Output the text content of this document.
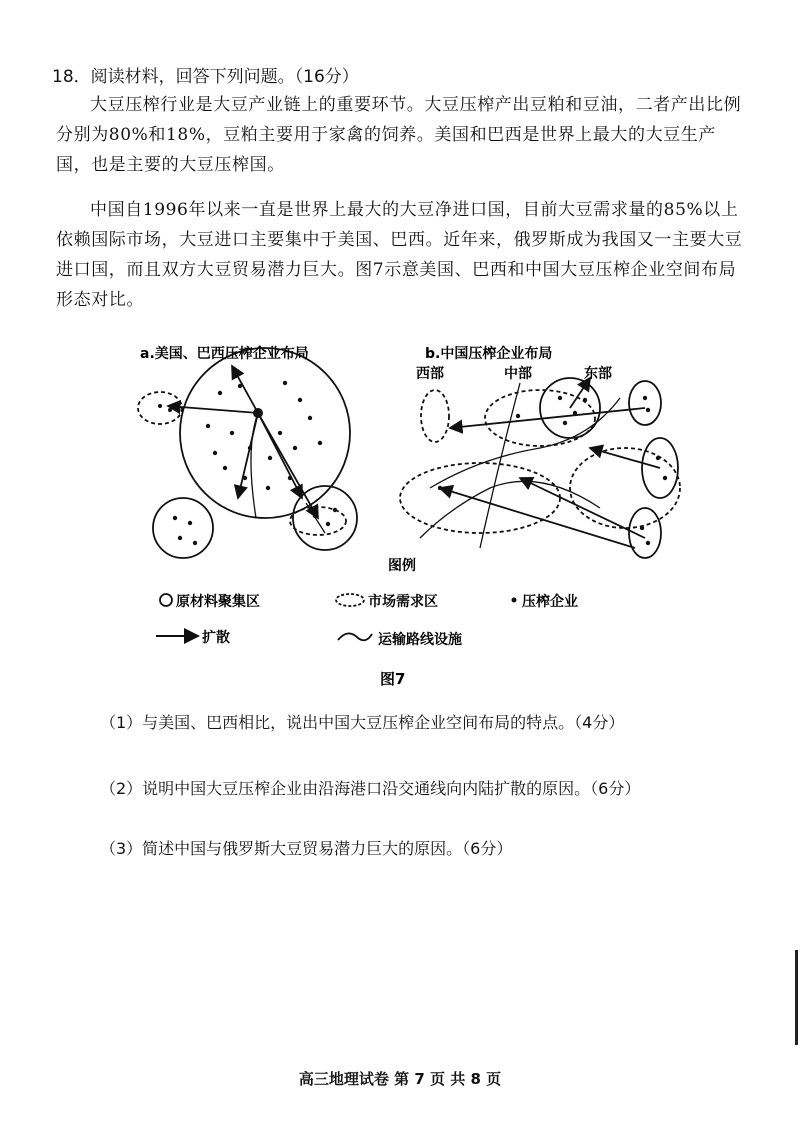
18．阅读材料，回答下列问题。（16分）
大豆压榨行业是大豆产业链上的重要环节。大豆压榨产出豆粕和豆油，二者产出比例分别为80%和18%，豆粕主要用于家禽的饲养。美国和巴西是世界上最大的大豆生产国，也是主要的大豆压榨国。
中国自1996年以来一直是世界上最大的大豆净进口国，目前大豆需求量的85%以上依赖国际市场，大豆进口主要集中于美国、巴西。近年来，俄罗斯成为我国又一主要大豆进口国，而且双方大豆贸易潜力巨大。图7示意美国、巴西和中国大豆压榨企业空间布局形态对比。
a.美国、巴西压榨企业布局	b.中国压榨企业布局
西部	中部	东部
图例
原材料聚集区	市场需求区	压榨企业
扩散	运输路线设施
图7
（1）与美国、巴西相比，说出中国大豆压榨企业空间布局的特点。（4分）
（2）说明中国大豆压榨企业由沿海港口沿交通线向内陆扩散的原因。（6分）
（3）简述中国与俄罗斯大豆贸易潜力巨大的原因。（6分）
高三地理试卷 第 7 页 共 8 页
